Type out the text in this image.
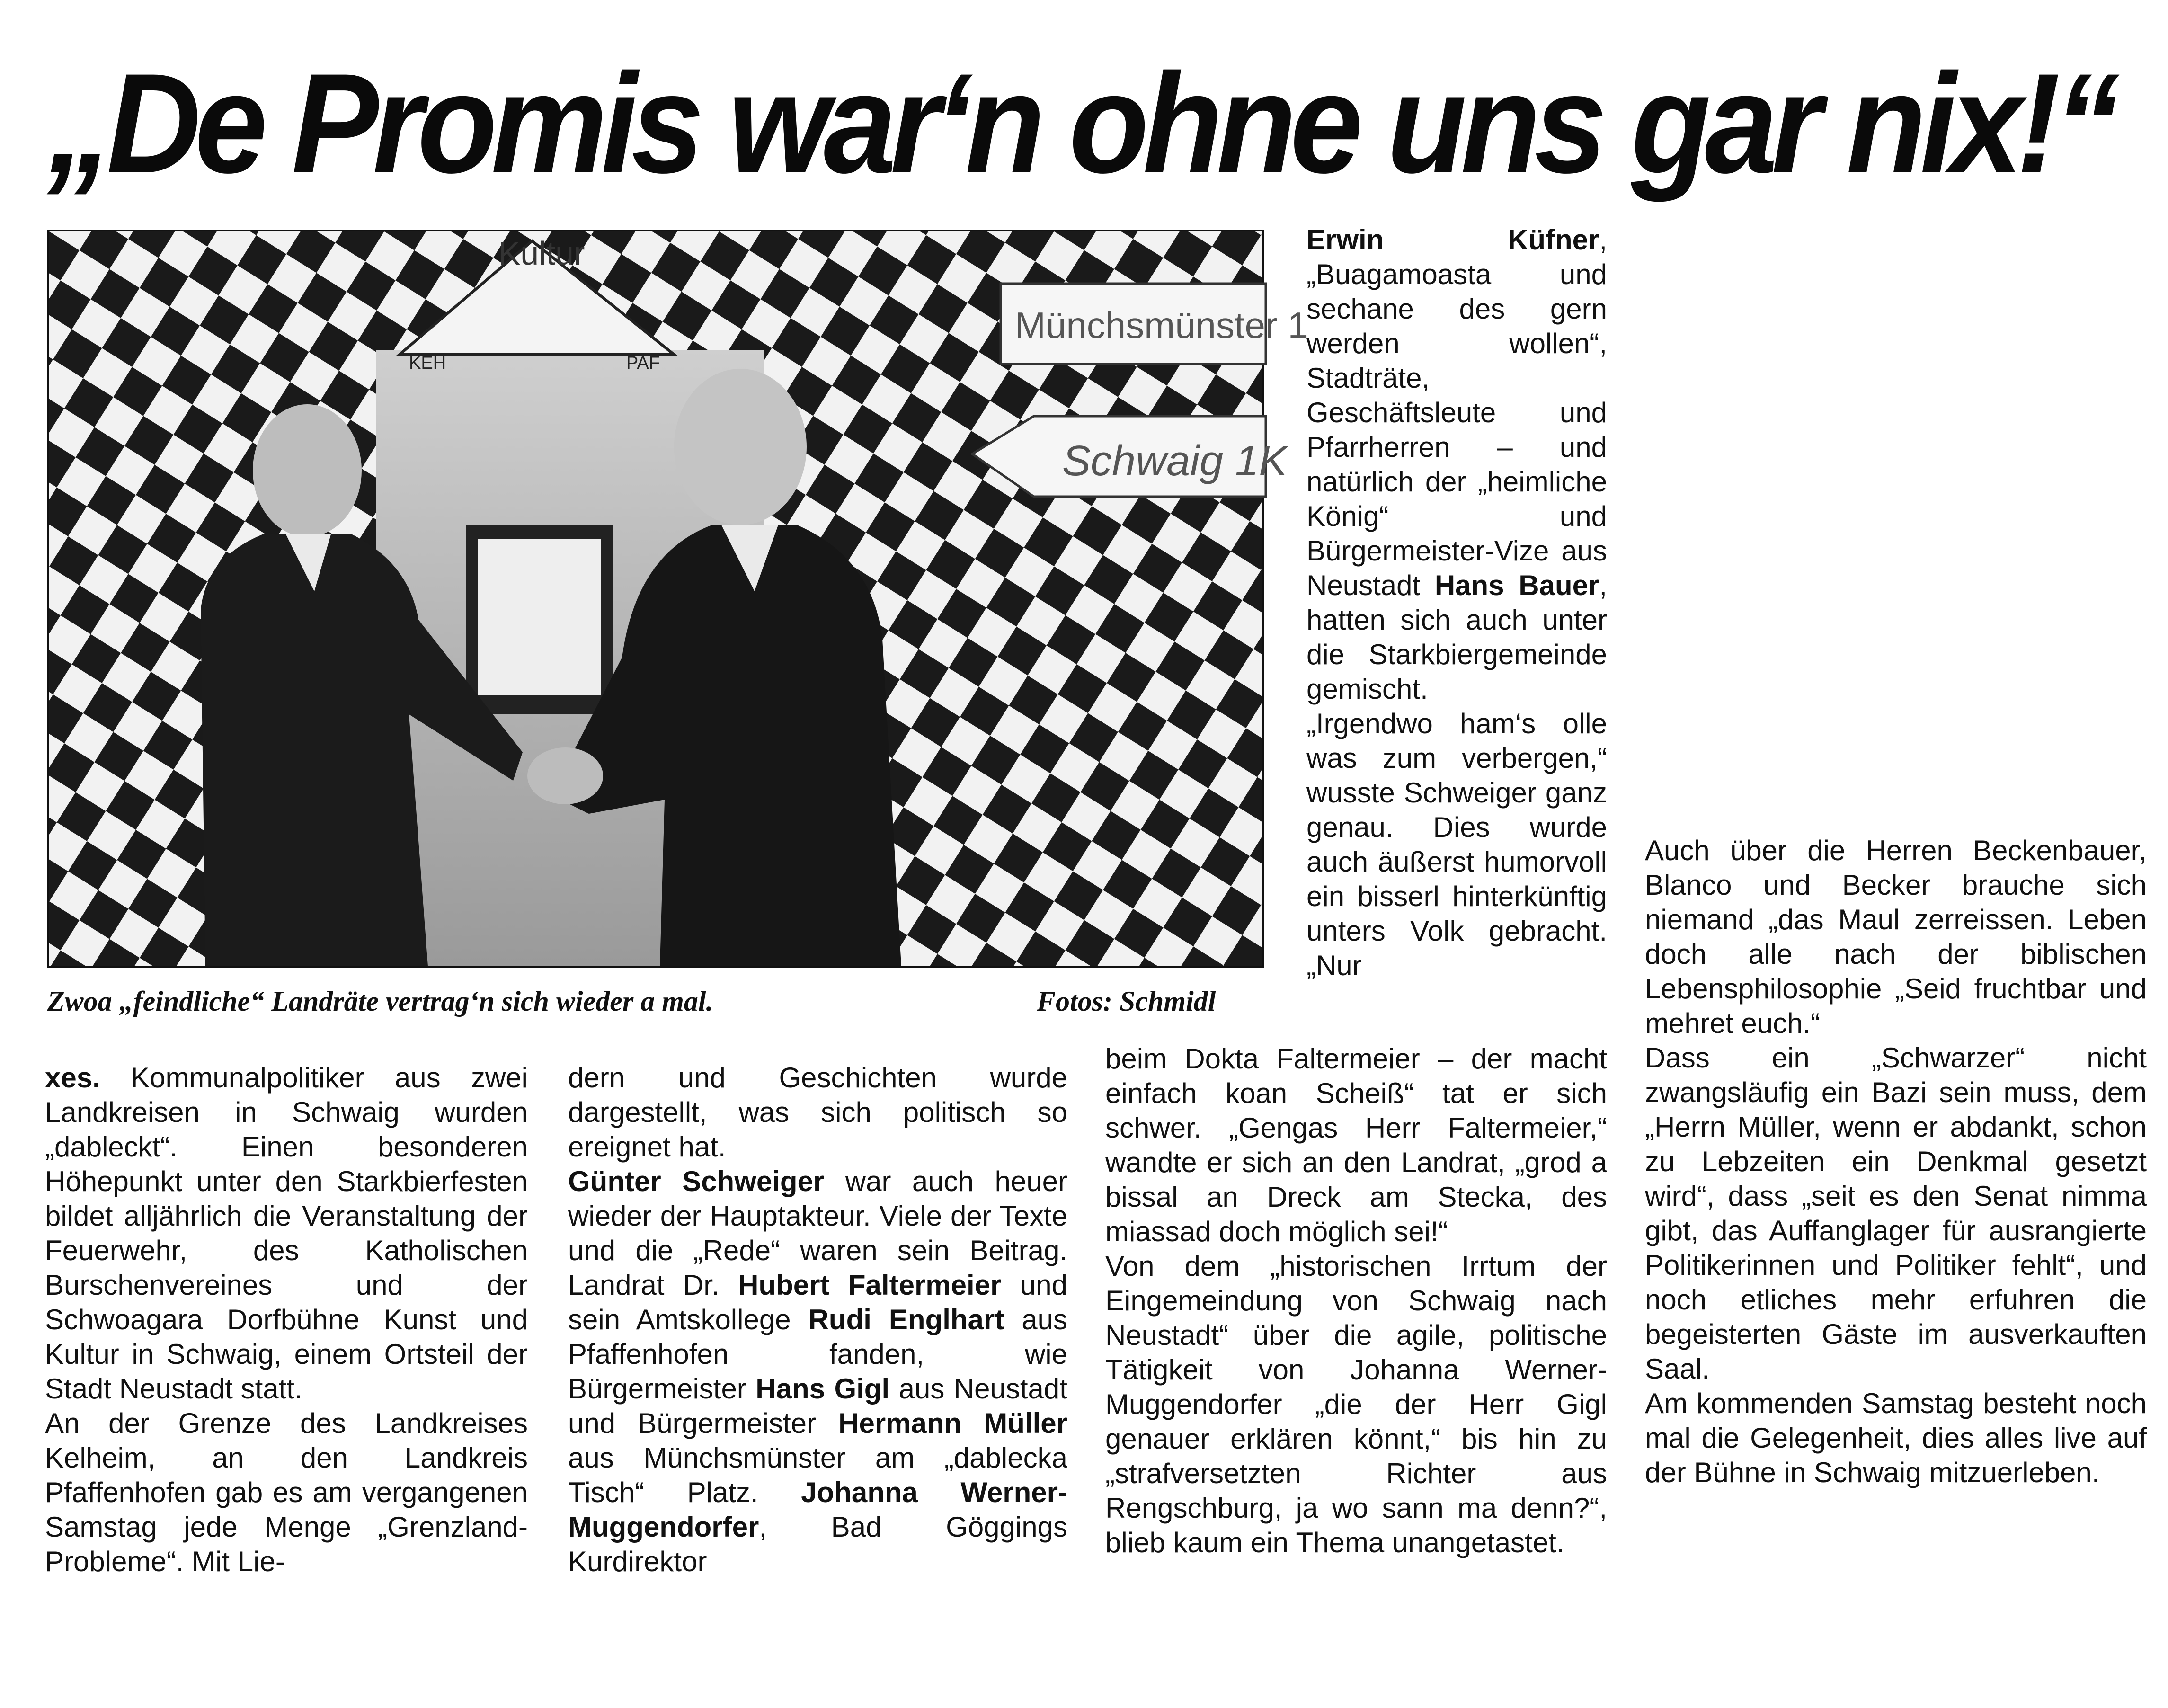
„De Promis war‘n ohne uns gar nix!“
Kultur
KEH	PAF
Münchsmünster 1
Schwaig 1K
Zwoa „feindliche“ Landräte vertrag‘n sich wieder a mal.	Fotos: Schmidl

xes. Kommunalpolitiker aus zwei Landkreisen in Schwaig wurden „dableckt“. Einen besonderen Höhepunkt unter den Starkbierfesten bildet alljährlich die Veranstaltung der Feuerwehr, des Katholischen Burschenvereines und der Schwoagara Dorfbühne Kunst und Kultur in Schwaig, einem Ortsteil der Stadt Neustadt statt.

An der Grenze des Landkreises Kelheim, an den Landkreis Pfaffenhofen gab es am vergangenen Samstag jede Menge „Grenzland-Probleme“. Mit Lie-

dern und Geschichten wurde dargestellt, was sich politisch so ereignet hat.

Günter Schweiger war auch heuer wieder der Hauptakteur. Viele der Texte und die „Rede“ waren sein Beitrag. Landrat Dr. Hubert Faltermeier und sein Amtskollege Rudi Englhart aus Pfaffenhofen fanden, wie Bürgermeister Hans Gigl aus Neustadt und Bürgermeister Hermann Müller aus Münchsmünster am „dablecka Tisch“ Platz. Johanna Werner-Muggendorfer, Bad Göggings Kurdirektor

Erwin Küfner, „Buagamoasta und sechane des gern werden wollen“, Stadträte, Geschäftsleute und Pfarrherren – und natürlich der „heimliche König“ und Bürgermeister-Vize aus Neustadt Hans Bauer, hatten sich auch unter die Starkbiergemeinde gemischt.

„Irgendwo ham‘s olle was zum verbergen,“ wusste Schweiger ganz genau. Dies wurde auch äußerst humorvoll ein bisserl hinterkünftig unters Volk gebracht. „Nur

beim Dokta Faltermeier – der macht einfach koan Scheiß“ tat er sich schwer. „Gengas Herr Faltermeier,“ wandte er sich an den Landrat, „grod a bissal an Dreck am Stecka, des miassad doch möglich sei!“

Von dem „historischen Irrtum der Eingemeindung von Schwaig nach Neustadt“ über die agile, politische Tätigkeit von Johanna Werner-Muggendorfer „die der Herr Gigl genauer erklären könnt,“ bis hin zu „strafversetzten Richter aus Rengschburg, ja wo sann ma denn?“, blieb kaum ein Thema unangetastet.

Auch über die Herren Beckenbauer, Blanco und Becker brauche sich niemand „das Maul zerreissen. Leben doch alle nach der biblischen Lebensphilosophie „Seid fruchtbar und mehret euch.“

Dass ein „Schwarzer“ nicht zwangsläufig ein Bazi sein muss, dem „Herrn Müller, wenn er abdankt, schon zu Lebzeiten ein Denkmal gesetzt wird“, dass „seit es den Senat nimma gibt, das Auffanglager für ausrangierte Politikerinnen und Politiker fehlt“, und noch etliches mehr erfuhren die begeisterten Gäste im ausverkauften Saal.

Am kommenden Samstag besteht noch mal die Gelegenheit, dies alles live auf der Bühne in Schwaig mitzuerleben.
